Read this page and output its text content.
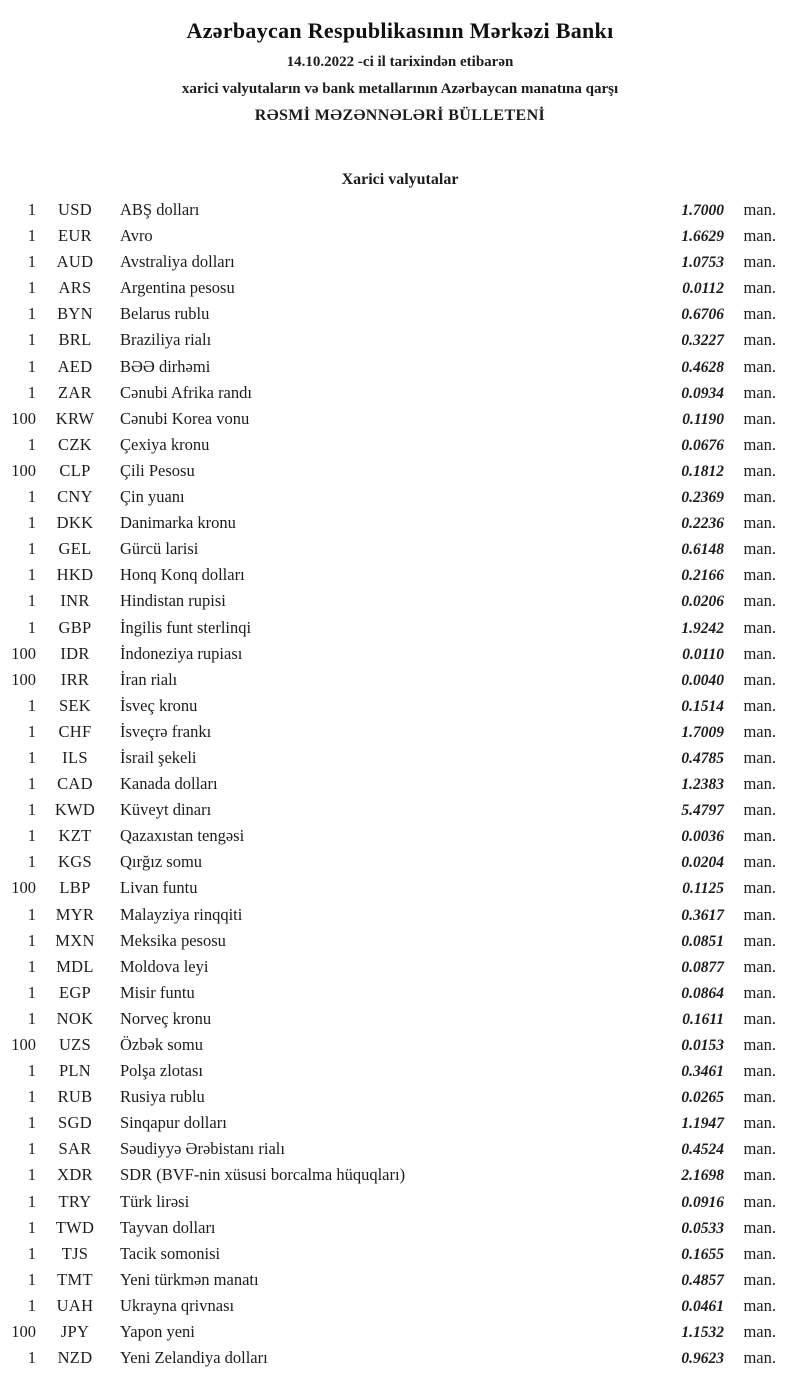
Azərbaycan Respublikasının Mərkəzi Bankı
14.10.2022 -ci il tarixindən etibarən
xarici valyutaların və bank metallarının Azərbaycan manatına qarşı
RƏSMİ MƏZƏNNƏLƏRİ BÜLLETENİ
Xarici valyutalar
1	USD	ABŞ dolları	1.7000	man.
1	EUR	Avro	1.6629	man.
1	AUD	Avstraliya dolları	1.0753	man.
1	ARS	Argentina pesosu	0.0112	man.
1	BYN	Belarus rublu	0.6706	man.
1	BRL	Braziliya rialı	0.3227	man.
1	AED	BƏƏ dirhəmi	0.4628	man.
1	ZAR	Cənubi Afrika randı	0.0934	man.
100	KRW	Cənubi Korea vonu	0.1190	man.
1	CZK	Çexiya kronu	0.0676	man.
100	CLP	Çili Pesosu	0.1812	man.
1	CNY	Çin yuanı	0.2369	man.
1	DKK	Danimarka kronu	0.2236	man.
1	GEL	Gürcü larisi	0.6148	man.
1	HKD	Honq Konq dolları	0.2166	man.
1	INR	Hindistan rupisi	0.0206	man.
1	GBP	İngilis funt sterlinqi	1.9242	man.
100	IDR	İndoneziya rupiası	0.0110	man.
100	IRR	İran rialı	0.0040	man.
1	SEK	İsveç kronu	0.1514	man.
1	CHF	İsveçrə frankı	1.7009	man.
1	ILS	İsrail şekeli	0.4785	man.
1	CAD	Kanada dolları	1.2383	man.
1	KWD	Küveyt dinarı	5.4797	man.
1	KZT	Qazaxıstan tengəsi	0.0036	man.
1	KGS	Qırğız somu	0.0204	man.
100	LBP	Livan funtu	0.1125	man.
1	MYR	Malayziya rinqqiti	0.3617	man.
1	MXN	Meksika pesosu	0.0851	man.
1	MDL	Moldova leyi	0.0877	man.
1	EGP	Misir funtu	0.0864	man.
1	NOK	Norveç kronu	0.1611	man.
100	UZS	Özbək somu	0.0153	man.
1	PLN	Polşa zlotası	0.3461	man.
1	RUB	Rusiya rublu	0.0265	man.
1	SGD	Sinqapur dolları	1.1947	man.
1	SAR	Səudiyyə Ərəbistanı rialı	0.4524	man.
1	XDR	SDR (BVF-nin xüsusi borcalma hüquqları)	2.1698	man.
1	TRY	Türk lirəsi	0.0916	man.
1	TWD	Tayvan dolları	0.0533	man.
1	TJS	Tacik somonisi	0.1655	man.
1	TMT	Yeni türkmən manatı	0.4857	man.
1	UAH	Ukrayna qrivnası	0.0461	man.
100	JPY	Yapon yeni	1.1532	man.
1	NZD	Yeni Zelandiya dolları	0.9623	man.
